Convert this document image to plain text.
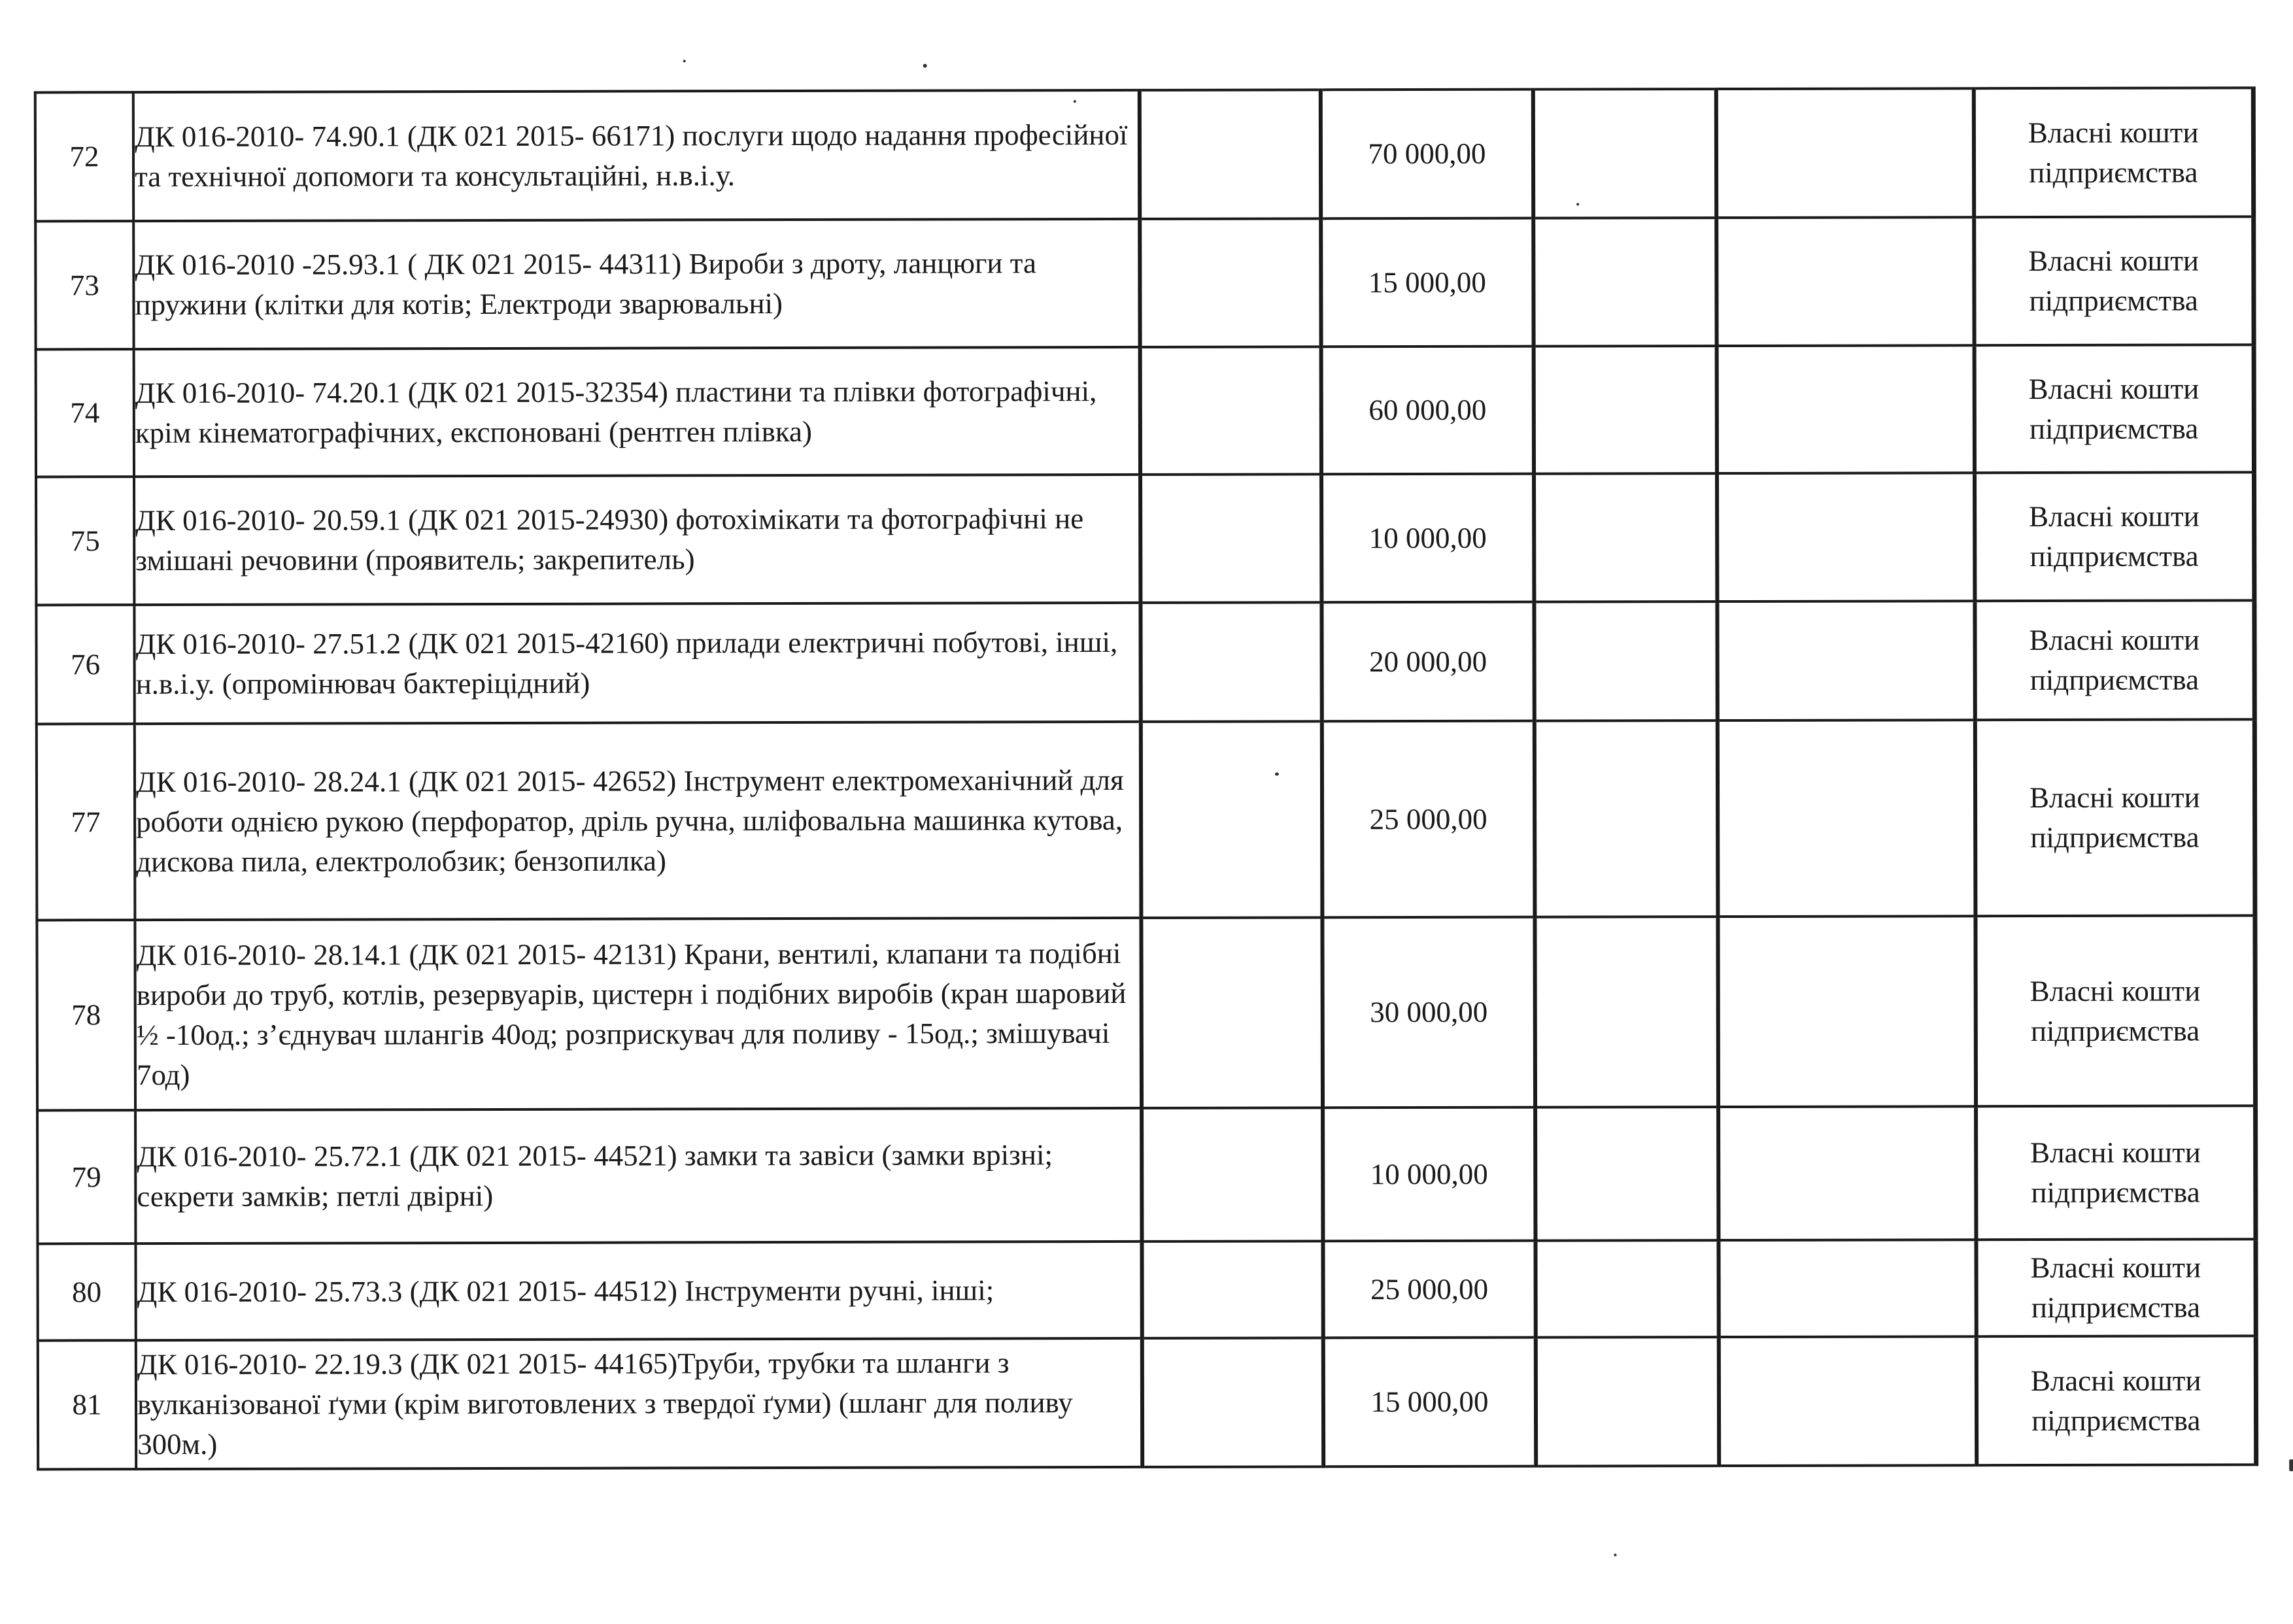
72	ДК 016-2010- 74.90.1 (ДК 021 2015- 66171) послуги щодо надання професійної та технічної допомоги та консультаційні, н.в.і.у.		70 000,00			Власні кошти
підприємства

73	ДК 016-2010 -25.93.1 ( ДК 021 2015- 44311) Вироби з дроту, ланцюги та пружини (клітки для котів; Електроди зварювальні)		15 000,00			Власні кошти
підприємства

74	ДК 016-2010- 74.20.1 (ДК 021 2015-32354) пластини та плівки фотографічні, крім кінематографічних, експоновані (рентген плівка)		60 000,00			Власні кошти
підприємства

75	ДК 016-2010- 20.59.1 (ДК 021 2015-24930) фотохімікати та фотографічні не змішані речовини (проявитель; закрепитель)		10 000,00			Власні кошти
підприємства

76	ДК 016-2010- 27.51.2 (ДК 021 2015-42160) прилади електричні побутові, інші, н.в.і.у. (опромінювач бактеріцідний)		20 000,00			Власні кошти
підприємства

77	ДК 016-2010- 28.24.1 (ДК 021 2015- 42652) Інструмент електромеханічний для роботи однією рукою (перфоратор, дріль ручна, шліфовальна машинка кутова, дискова пила, електролобзик; бензопилка)		25 000,00			Власні кошти
підприємства

78	ДК 016-2010- 28.14.1 (ДК 021 2015- 42131) Крани, вентилі, клапани та подібні вироби до труб, котлів, резервуарів, цистерн і подібних виробів (кран шаровий ½ -10од.; з’єднувач шлангів 40од; розприскувач для поливу - 15од.; змішувачі 7од)		30 000,00			Власні кошти
підприємства

79	ДК 016-2010- 25.72.1 (ДК 021 2015- 44521) замки та завіси (замки врізні; секрети замків; петлі двірні)		10 000,00			Власні кошти
підприємства

80	ДК 016-2010- 25.73.3 (ДК 021 2015- 44512) Інструменти ручні, інші;		25 000,00			Власні кошти
підприємства

81	ДК 016-2010- 22.19.3 (ДК 021 2015- 44165)Труби, трубки та шланги з вулканізованої ґуми (крім виготовлених з твердої ґуми) (шланг для поливу 300м.)		15 000,00			Власні кошти
підприємства
